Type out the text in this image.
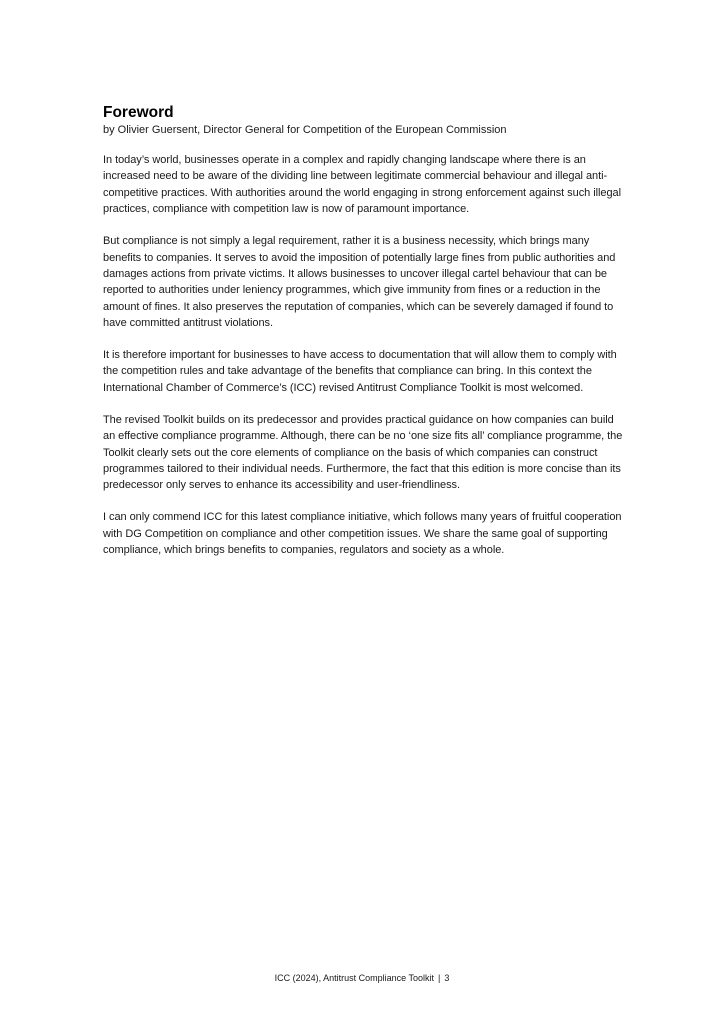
Foreword

by Olivier Guersent, Director General for Competition of the European Commission

In today’s world, businesses operate in a complex and rapidly changing landscape where there is an increased need to be aware of the dividing line between legitimate commercial behaviour and illegal anti-competitive practices. With authorities around the world engaging in strong enforcement against such illegal practices, compliance with competition law is now of paramount importance.

But compliance is not simply a legal requirement, rather it is a business necessity, which brings many benefits to companies. It serves to avoid the imposition of potentially large fines from public authorities and damages actions from private victims. It allows businesses to uncover illegal cartel behaviour that can be reported to authorities under leniency programmes, which give immunity from fines or a reduction in the amount of fines. It also preserves the reputation of companies, which can be severely damaged if found to have committed antitrust violations.

It is therefore important for businesses to have access to documentation that will allow them to comply with the competition rules and take advantage of the benefits that compliance can bring. In this context the International Chamber of Commerce’s (ICC) revised Antitrust Compliance Toolkit is most welcomed.

The revised Toolkit builds on its predecessor and provides practical guidance on how companies can build an effective compliance programme. Although, there can be no ‘one size fits all’ compliance programme, the Toolkit clearly sets out the core elements of compliance on the basis of which companies can construct programmes tailored to their individual needs. Furthermore, the fact that this edition is more concise than its predecessor only serves to enhance its accessibility and user-friendliness.

I can only commend ICC for this latest compliance initiative, which follows many years of fruitful cooperation with DG Competition on compliance and other competition issues. We share the same goal of supporting compliance, which brings benefits to companies, regulators and society as a whole.

ICC (2024), Antitrust Compliance Toolkit | 3
